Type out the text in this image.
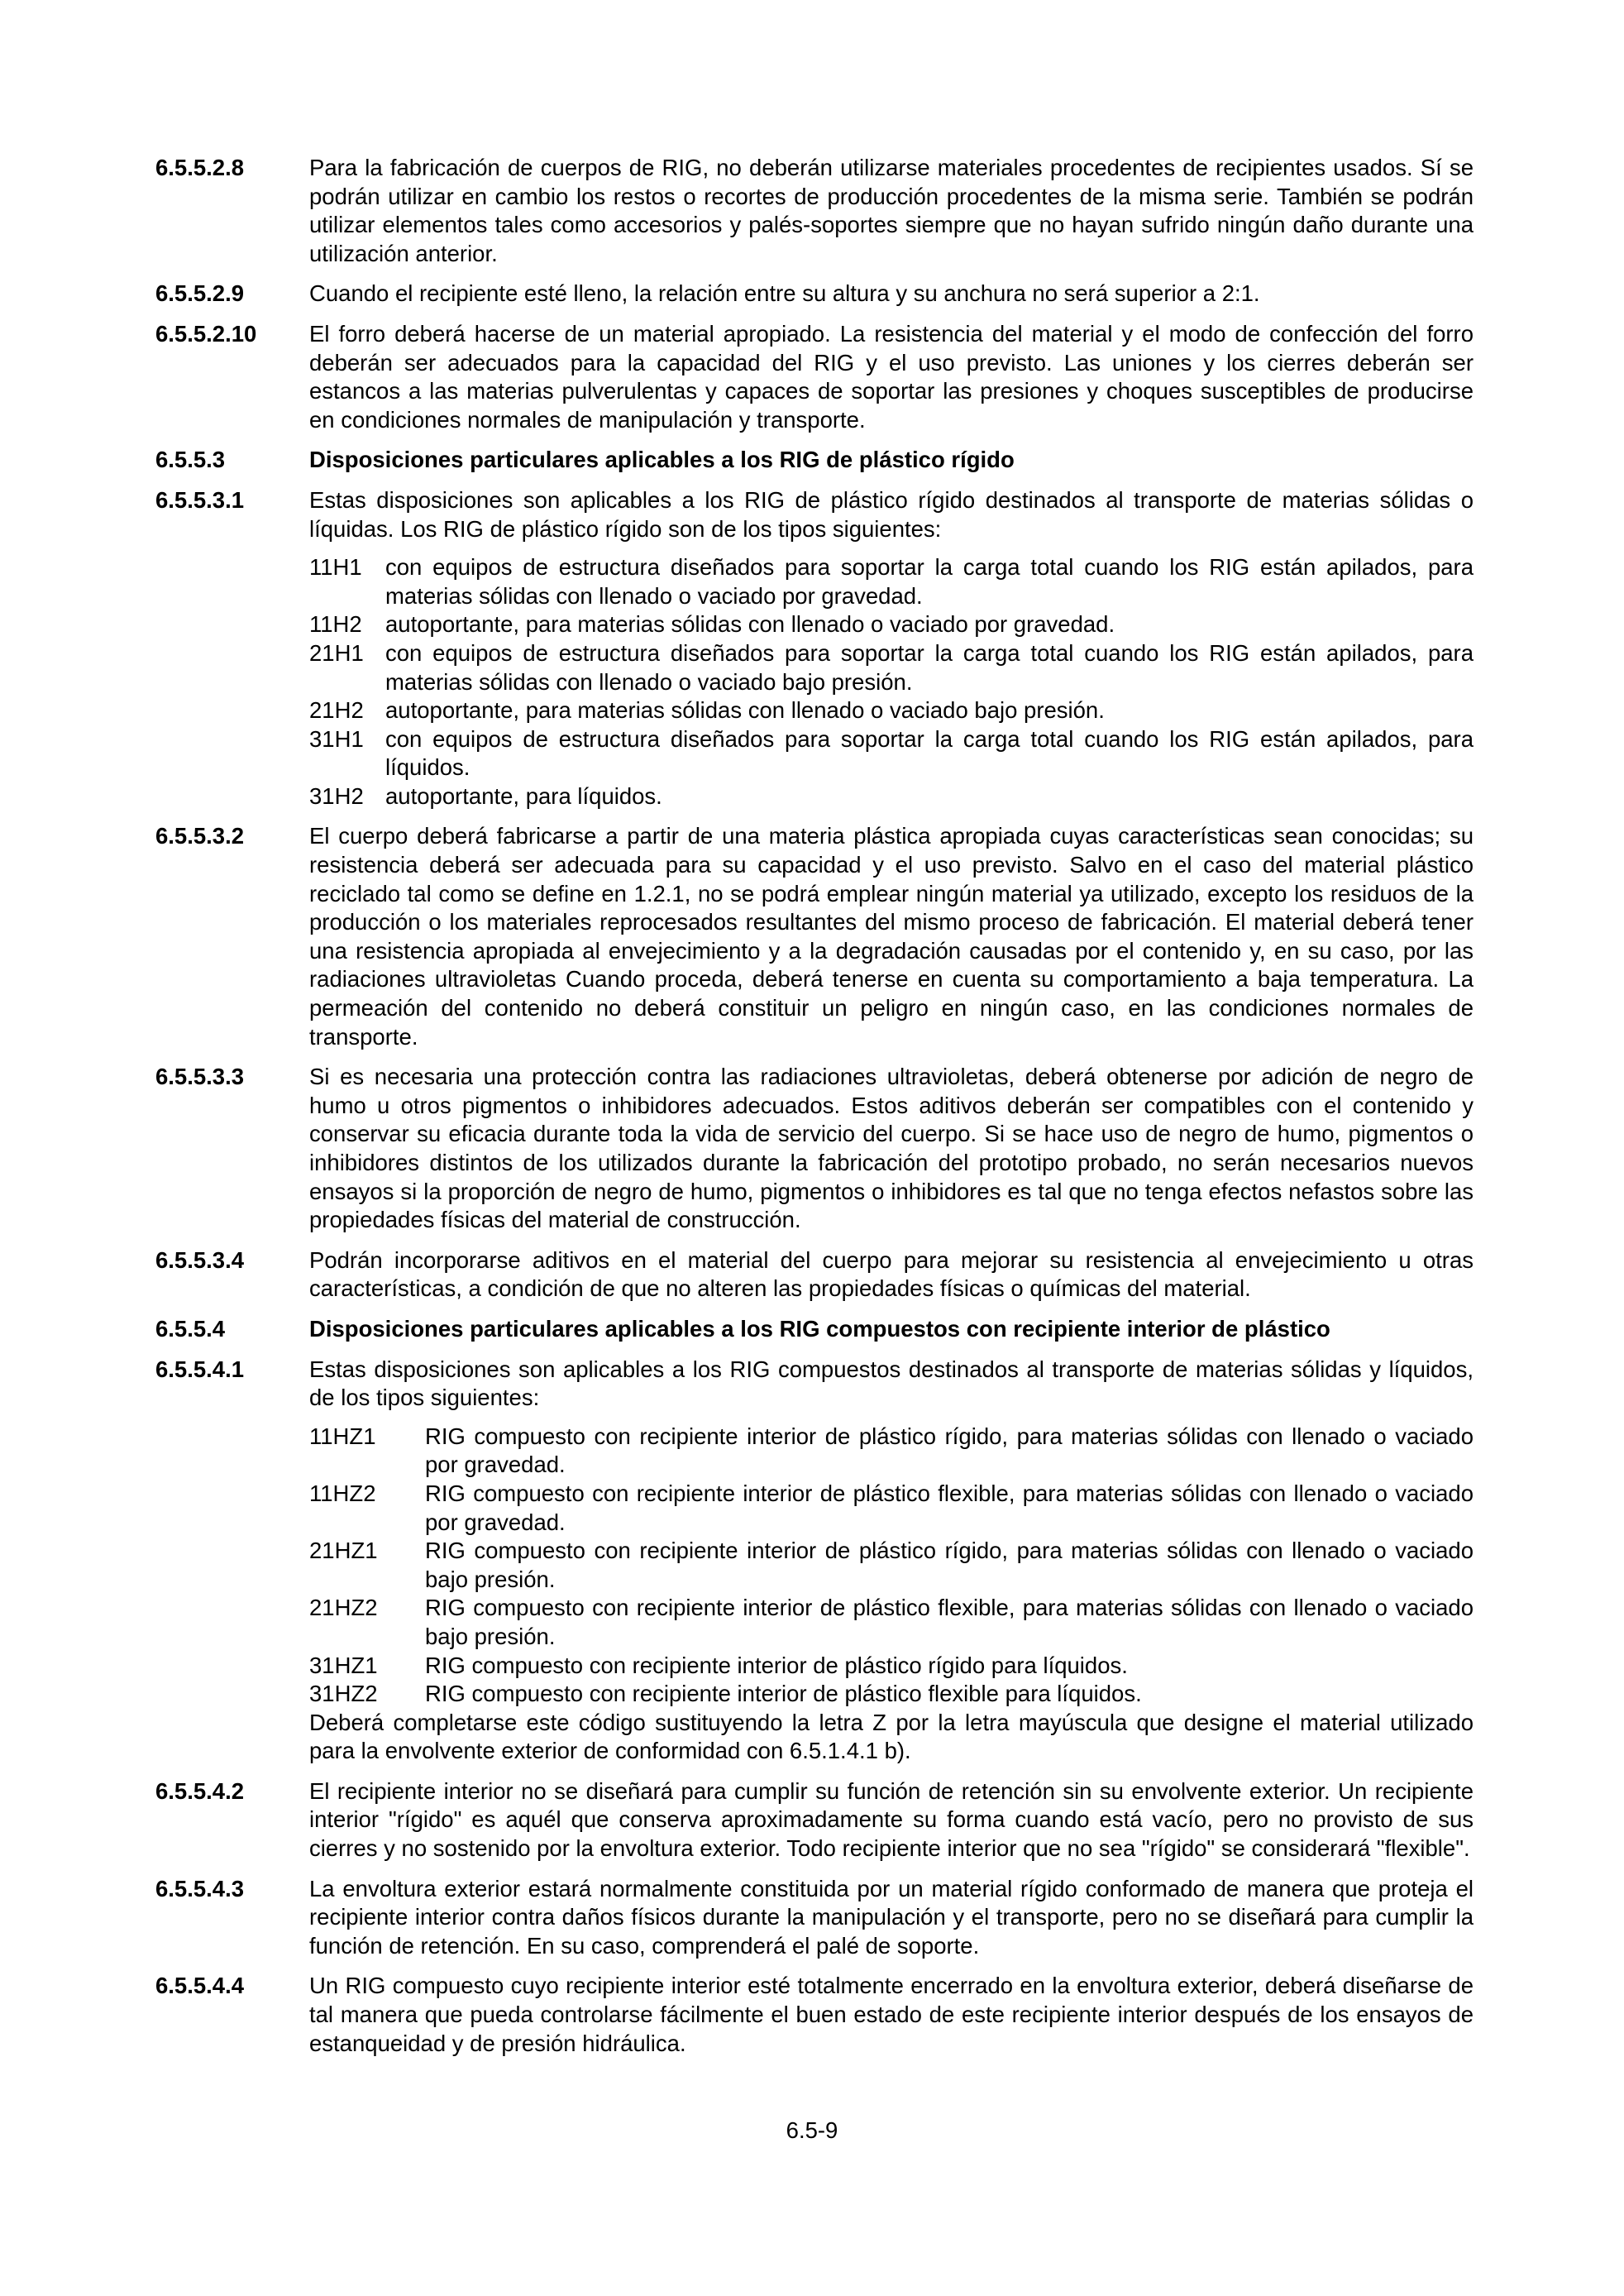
6.5.5.2.8	Para la fabricación de cuerpos de RIG, no deberán utilizarse materiales procedentes de recipientes usados. Sí se podrán utilizar en cambio los restos o recortes de producción procedentes de la misma serie. También se podrán utilizar elementos tales como accesorios y palés-soportes siempre que no hayan sufrido ningún daño durante una utilización anterior.

6.5.5.2.9	Cuando el recipiente esté lleno, la relación entre su altura y su anchura no será superior a 2:1.

6.5.5.2.10	El forro deberá hacerse de un material apropiado. La resistencia del material y el modo de confección del forro deberán ser adecuados para la capacidad del RIG y el uso previsto. Las uniones y los cierres deberán ser estancos a las materias pulverulentas y capaces de soportar las presiones y choques susceptibles de producirse en condiciones normales de manipulación y transporte.

6.5.5.3	Disposiciones particulares aplicables a los RIG de plástico rígido

6.5.5.3.1	Estas disposiciones son aplicables a los RIG de plástico rígido destinados al transporte de materias sólidas o líquidas. Los RIG de plástico rígido son de los tipos siguientes:

11H1	con equipos de estructura diseñados para soportar la carga total cuando los RIG están apilados, para materias sólidas con llenado o vaciado por gravedad.
11H2	autoportante, para materias sólidas con llenado o vaciado por gravedad.
21H1 con equipos de estructura diseñados para soportar la carga total cuando los RIG están apilados, para materias sólidas con llenado o vaciado bajo presión.
21H2 autoportante, para materias sólidas con llenado o vaciado bajo presión.
31H1 con equipos de estructura diseñados para soportar la carga total cuando los RIG están apilados, para líquidos.
31H2 autoportante, para líquidos.
6.5.5.3.2	El cuerpo deberá fabricarse a partir de una materia plástica apropiada cuyas características sean conocidas; su resistencia deberá ser adecuada para su capacidad y el uso previsto. Salvo en el caso del material plástico reciclado tal como se define en 1.2.1, no se podrá emplear ningún material ya utilizado, excepto los residuos de la producción o los materiales reprocesados resultantes del mismo proceso de fabricación. El material deberá tener una resistencia apropiada al envejecimiento y a la degradación causadas por el contenido y, en su caso, por las radiaciones ultravioletas Cuando proceda, deberá tenerse en cuenta su comportamiento a baja temperatura. La permeación del contenido no deberá constituir un peligro en ningún caso, en las condiciones normales de transporte.

6.5.5.3.3	Si es necesaria una protección contra las radiaciones ultravioletas, deberá obtenerse por adición de negro de humo u otros pigmentos o inhibidores adecuados. Estos aditivos deberán ser compatibles con el contenido y conservar su eficacia durante toda la vida de servicio del cuerpo. Si se hace uso de negro de humo, pigmentos o inhibidores distintos de los utilizados durante la fabricación del prototipo probado, no serán necesarios nuevos ensayos si la proporción de negro de humo, pigmentos o inhibidores es tal que no tenga efectos nefastos sobre las propiedades físicas del material de construcción.

6.5.5.3.4	Podrán incorporarse aditivos en el material del cuerpo para mejorar su resistencia al envejecimiento u otras características, a condición de que no alteren las propiedades físicas o químicas del material.

6.5.5.4	Disposiciones particulares aplicables a los RIG compuestos con recipiente interior de plástico

6.5.5.4.1	Estas disposiciones son aplicables a los RIG compuestos destinados al transporte de materias sólidas y líquidos, de los tipos siguientes:

11HZ1	RIG compuesto con recipiente interior de plástico rígido, para materias sólidas con llenado o vaciado por gravedad.
11HZ2	RIG compuesto con recipiente interior de plástico flexible, para materias sólidas con llenado o vaciado por gravedad.
21HZ1	RIG compuesto con recipiente interior de plástico rígido, para materias sólidas con llenado o vaciado bajo presión.
21HZ2	RIG compuesto con recipiente interior de plástico flexible, para materias sólidas con llenado o vaciado bajo presión.
31HZ1	RIG compuesto con recipiente interior de plástico rígido para líquidos.
31HZ2	RIG compuesto con recipiente interior de plástico flexible para líquidos.

Deberá completarse este código sustituyendo la letra Z por la letra mayúscula que designe el material utilizado para la envolvente exterior de conformidad con 6.5.1.4.1 b).

6.5.5.4.2	El recipiente interior no se diseñará para cumplir su función de retención sin su envolvente exterior. Un recipiente interior "rígido" es aquél que conserva aproximadamente su forma cuando está vacío, pero no provisto de sus cierres y no sostenido por la envoltura exterior. Todo recipiente interior que no sea "rígido" se considerará "flexible".

6.5.5.4.3	La envoltura exterior estará normalmente constituida por un material rígido conformado de manera que proteja el recipiente interior contra daños físicos durante la manipulación y el transporte, pero no se diseñará para cumplir la función de retención. En su caso, comprenderá el palé de soporte.

6.5.5.4.4	Un RIG compuesto cuyo recipiente interior esté totalmente encerrado en la envoltura exterior, deberá diseñarse de tal manera que pueda controlarse fácilmente el buen estado de este recipiente interior después de los ensayos de estanqueidad y de presión hidráulica.

6.5-9
